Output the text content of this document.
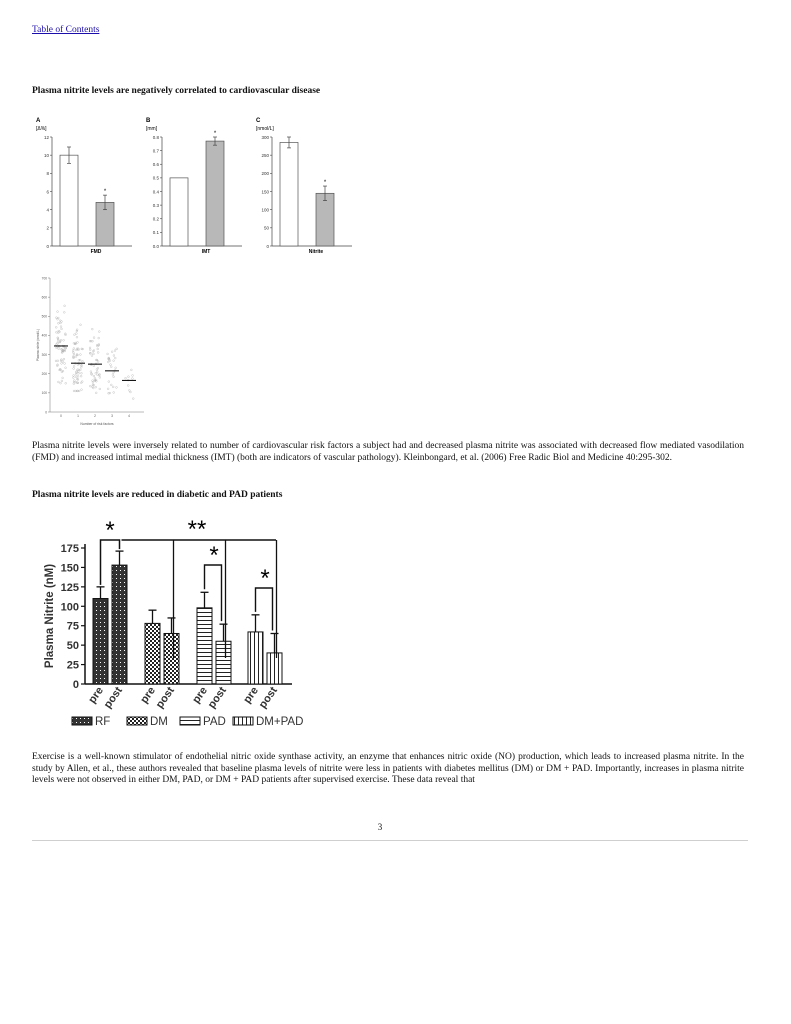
Table of Contents
Plasma nitrite levels are negatively correlated to cardiovascular disease
A
[Δ%]
0
2
4
6
8
10
12
*
FMD
B
[mm]
0.0
0.1
0.2
0.3
0.4
0.5
0.6
0.7
0.8
*
IMT
C
[nmol/L]
0
50
100
150
200
250
300
*
Nitrite
0
100
200
300
400
500
600
700
Plasma nitrite (nmol/L)
0	1	2	3	4
Number of risk factors
Plasma nitrite levels were inversely related to number of cardiovascular risk factors a subject had and decreased plasma nitrite was associated with decreased flow mediated vasodilation (FMD) and increased intimal medial thickness (IMT) (both are indicators of vascular pathology). Kleinbongard, et al. (2006) Free Radic Biol and Medicine 40:295-302.
Plasma nitrite levels are reduced in diabetic and PAD patients
0
25
50
75
100
125
150
175
Plasma Nitrite (nM)
pre
post pre
post pre
post pre
post
*	**
*
*
RF	DM	PAD	DM+PAD
Exercise is a well-known stimulator of endothelial nitric oxide synthase activity, an enzyme that enhances nitric oxide (NO) production, which leads to increased plasma nitrite. In the study by Allen, et al., these authors revealed that baseline plasma levels of nitrite were less in patients with diabetes mellitus (DM) or DM + PAD. Importantly, increases in plasma nitrite levels were not observed in either DM, PAD, or DM + PAD patients after supervised exercise. These data reveal that
3
